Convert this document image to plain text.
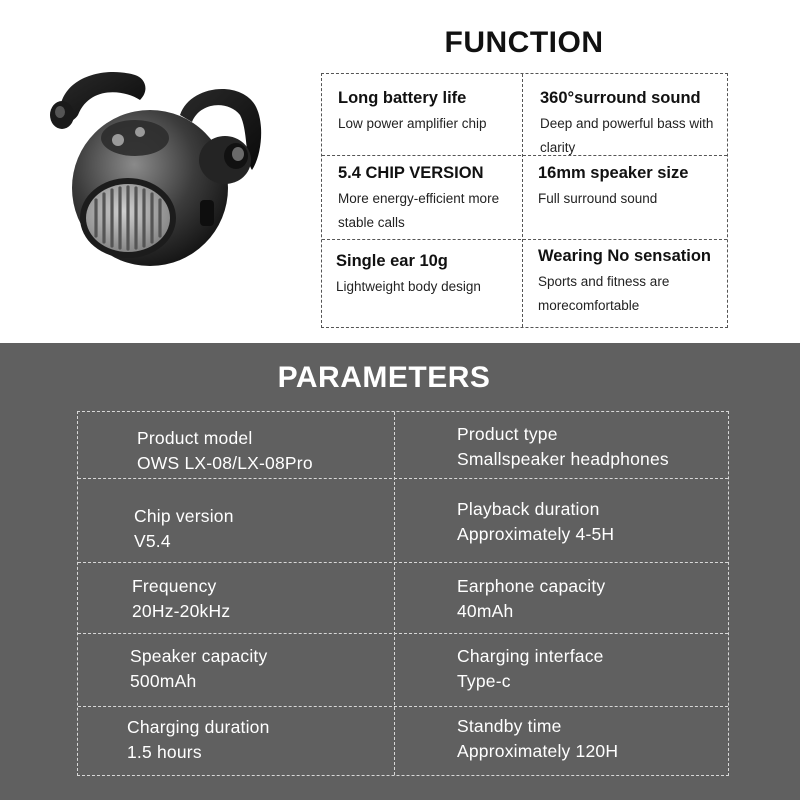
FUNCTION
Long battery life
Low power amplifier chip
360°surround sound
Deep and powerful bass with clarity
5.4 CHIP VERSION
More energy-efficient more stable calls
16mm speaker size
Full surround sound
Single ear 10g
Lightweight body design
Wearing No sensation
Sports and fitness are morecomfortable
PARAMETERS
Product model
OWS LX-08/LX-08Pro
Product type
Smallspeaker headphones
Chip version
V5.4
Playback duration
Approximately 4-5H
Frequency
20Hz-20kHz
Earphone capacity
40mAh
Speaker capacity
500mAh
Charging interface
Type-c
Charging duration
1.5 hours
Standby time
Approximately 120H
